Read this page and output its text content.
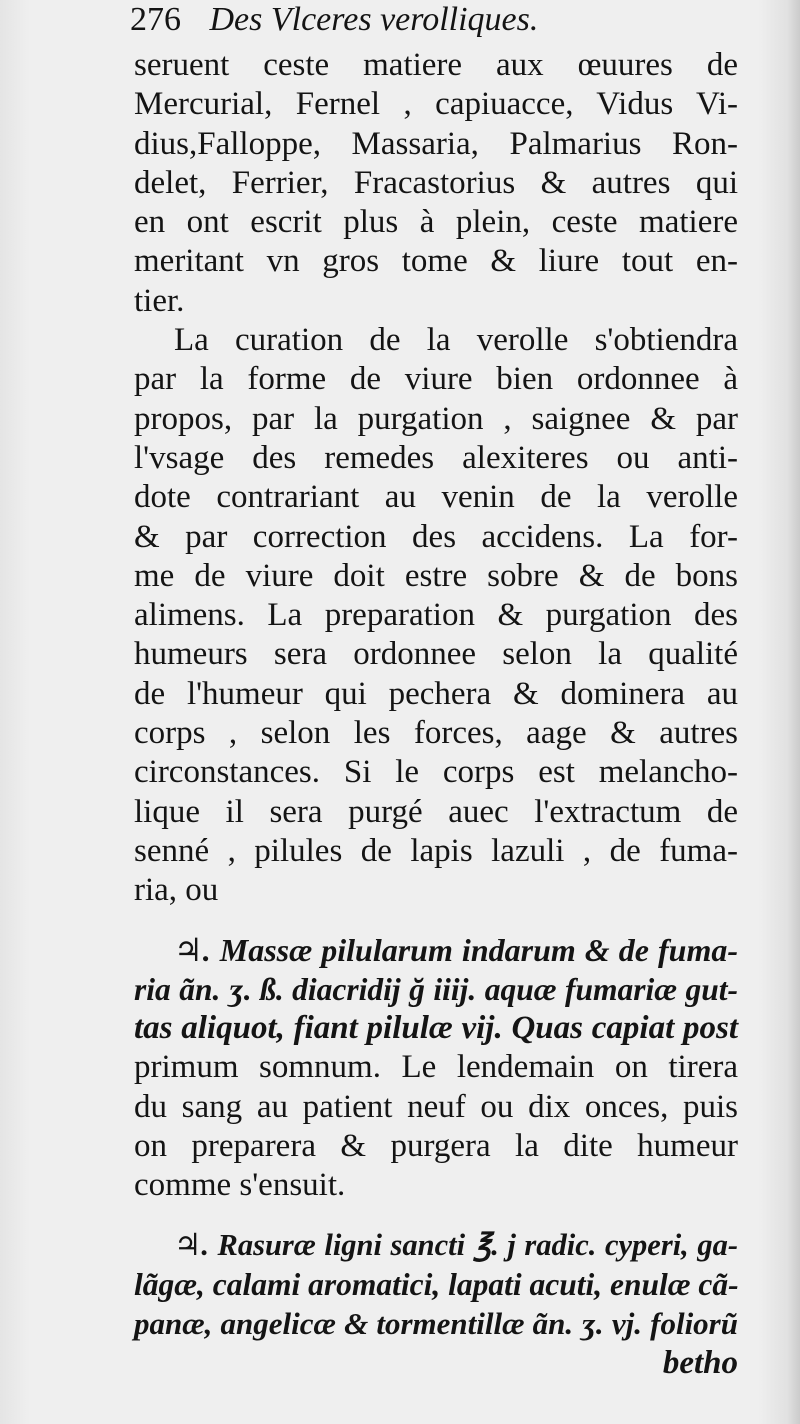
276 Des Vlceres verolliques.
seruent ceste matiere aux œuures de
Mercurial, Fernel , capiuacce, Vidus Vi-
dius,Falloppe, Massaria, Palmarius Ron-
delet, Ferrier, Fracastorius & autres qui
en ont escrit plus à plein, ceste matiere
meritant vn gros tome & liure tout en-
tier.
La curation de la verolle s'obtiendra
par la forme de viure bien ordonnee à
propos, par la purgation , saignee & par
l'vsage des remedes alexiteres ou anti-
dote contrariant au venin de la verolle
& par correction des accidens. La for-
me de viure doit estre sobre & de bons
alimens. La preparation & purgation des
humeurs sera ordonnee selon la qualité
de l'humeur qui pechera & dominera au
corps , selon les forces, aage & autres
circonstances. Si le corps est melancho-
lique il sera purgé auec l'extractum de
senné , pilules de lapis lazuli , de fuma-
ria, ou
♃. Massæ pilularum indarum & de fuma-
ria ãn. ʒ. ß. diacridij ğ iiij. aquæ fumariæ gut-
tas aliquot, fiant pilulæ vij. Quas capiat post
primum somnum. Le lendemain on tirera
du sang au patient neuf ou dix onces, puis
on preparera & purgera la dite humeur
comme s'ensuit.
♃. Rasuræ ligni sancti ℥. j radic. cyperi, ga-
lãgæ, calami aromatici, lapati acuti, enulæ cã-
panæ, angelicæ & tormentillæ ãn. ʒ. vj. foliorũ
betho
